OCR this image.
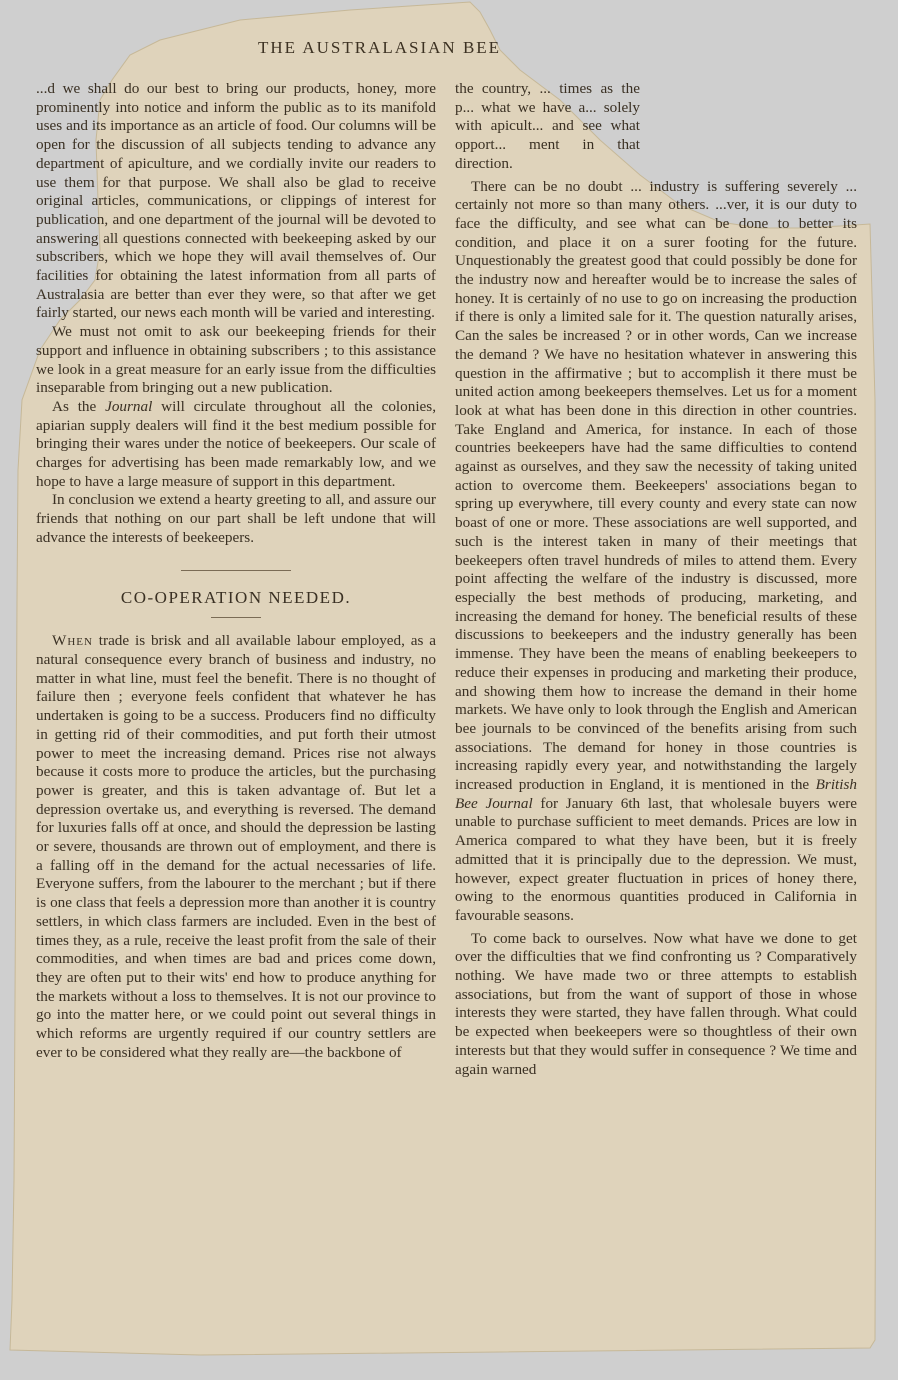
THE AUSTRALASIAN BEE

...d we shall do our best to bring our products, honey, more prominently into notice and inform the public as to its manifold uses and its importance as an article of food. Our columns will be open for the discussion of all subjects tending to advance any department of apiculture, and we cordially invite our readers to use them for that purpose. We shall also be glad to receive original articles, communications, or clippings of interest for publication, and one department of the journal will be devoted to answering all questions connected with beekeeping asked by our subscribers, which we hope they will avail themselves of. Our facilities for obtaining the latest information from all parts of Australasia are better than ever they were, so that after we get fairly started, our news each month will be varied and interesting.

We must not omit to ask our beekeeping friends for their support and influence in obtaining subscribers ; to this assistance we look in a great measure for an early issue from the difficulties inseparable from bringing out a new publication.

As the Journal will circulate throughout all the colonies, apiarian supply dealers will find it the best medium possible for bringing their wares under the notice of beekeepers. Our scale of charges for advertising has been made remarkably low, and we hope to have a large measure of support in this department.

In conclusion we extend a hearty greeting to all, and assure our friends that nothing on our part shall be left undone that will advance the interests of beekeepers.

CO-OPERATION NEEDED.

When trade is brisk and all available labour employed, as a natural consequence every branch of business and industry, no matter in what line, must feel the benefit. There is no thought of failure then ; everyone feels confident that whatever he has undertaken is going to be a success. Producers find no difficulty in getting rid of their commodities, and put forth their utmost power to meet the increasing demand. Prices rise not always because it costs more to produce the articles, but the purchasing power is greater, and this is taken advantage of. But let a depression overtake us, and everything is reversed. The demand for luxuries falls off at once, and should the depression be lasting or severe, thousands are thrown out of employment, and there is a falling off in the demand for the actual necessaries of life. Everyone suffers, from the labourer to the merchant ; but if there is one class that feels a depression more than another it is country settlers, in which class farmers are included. Even in the best of times they, as a rule, receive the least profit from the sale of their commodities, and when times are bad and prices come down, they are often put to their wits' end how to produce anything for the markets without a loss to themselves. It is not our province to go into the matter here, or we could point out several things in which reforms are urgently required if our country settlers are ever to be considered what they really are—the backbone of

the country, ... times as the p... what we have a... solely with apicult... and see what opport... ment in that direction.

There can be no doubt ... industry is suffering severely ... certainly not more so than many others. ...ver, it is our duty to face the difficulty, and see what can be done to better its condition, and place it on a surer footing for the future. Unquestionably the greatest good that could possibly be done for the industry now and hereafter would be to increase the sales of honey. It is certainly of no use to go on increasing the production if there is only a limited sale for it. The question naturally arises, Can the sales be increased ? or in other words, Can we increase the demand ? We have no hesitation whatever in answering this question in the affirmative ; but to accomplish it there must be united action among beekeepers themselves. Let us for a moment look at what has been done in this direction in other countries. Take England and America, for instance. In each of those countries beekeepers have had the same difficulties to contend against as ourselves, and they saw the necessity of taking united action to overcome them. Beekeepers' associations began to spring up everywhere, till every county and every state can now boast of one or more. These associations are well supported, and such is the interest taken in many of their meetings that beekeepers often travel hundreds of miles to attend them. Every point affecting the welfare of the industry is discussed, more especially the best methods of producing, marketing, and increasing the demand for honey. The beneficial results of these discussions to beekeepers and the industry generally has been immense. They have been the means of enabling beekeepers to reduce their expenses in producing and marketing their produce, and showing them how to increase the demand in their home markets. We have only to look through the English and American bee journals to be convinced of the benefits arising from such associations. The demand for honey in those countries is increasing rapidly every year, and notwithstanding the largely increased production in England, it is mentioned in the British Bee Journal for January 6th last, that wholesale buyers were unable to purchase sufficient to meet demands. Prices are low in America compared to what they have been, but it is freely admitted that it is principally due to the depression. We must, however, expect greater fluctuation in prices of honey there, owing to the enormous quantities produced in California in favourable seasons.

To come back to ourselves. Now what have we done to get over the difficulties that we find confronting us ? Comparatively nothing. We have made two or three attempts to establish associations, but from the want of support of those in whose interests they were started, they have fallen through. What could be expected when beekeepers were so thoughtless of their own interests but that they would suffer in consequence ? We time and again warned
